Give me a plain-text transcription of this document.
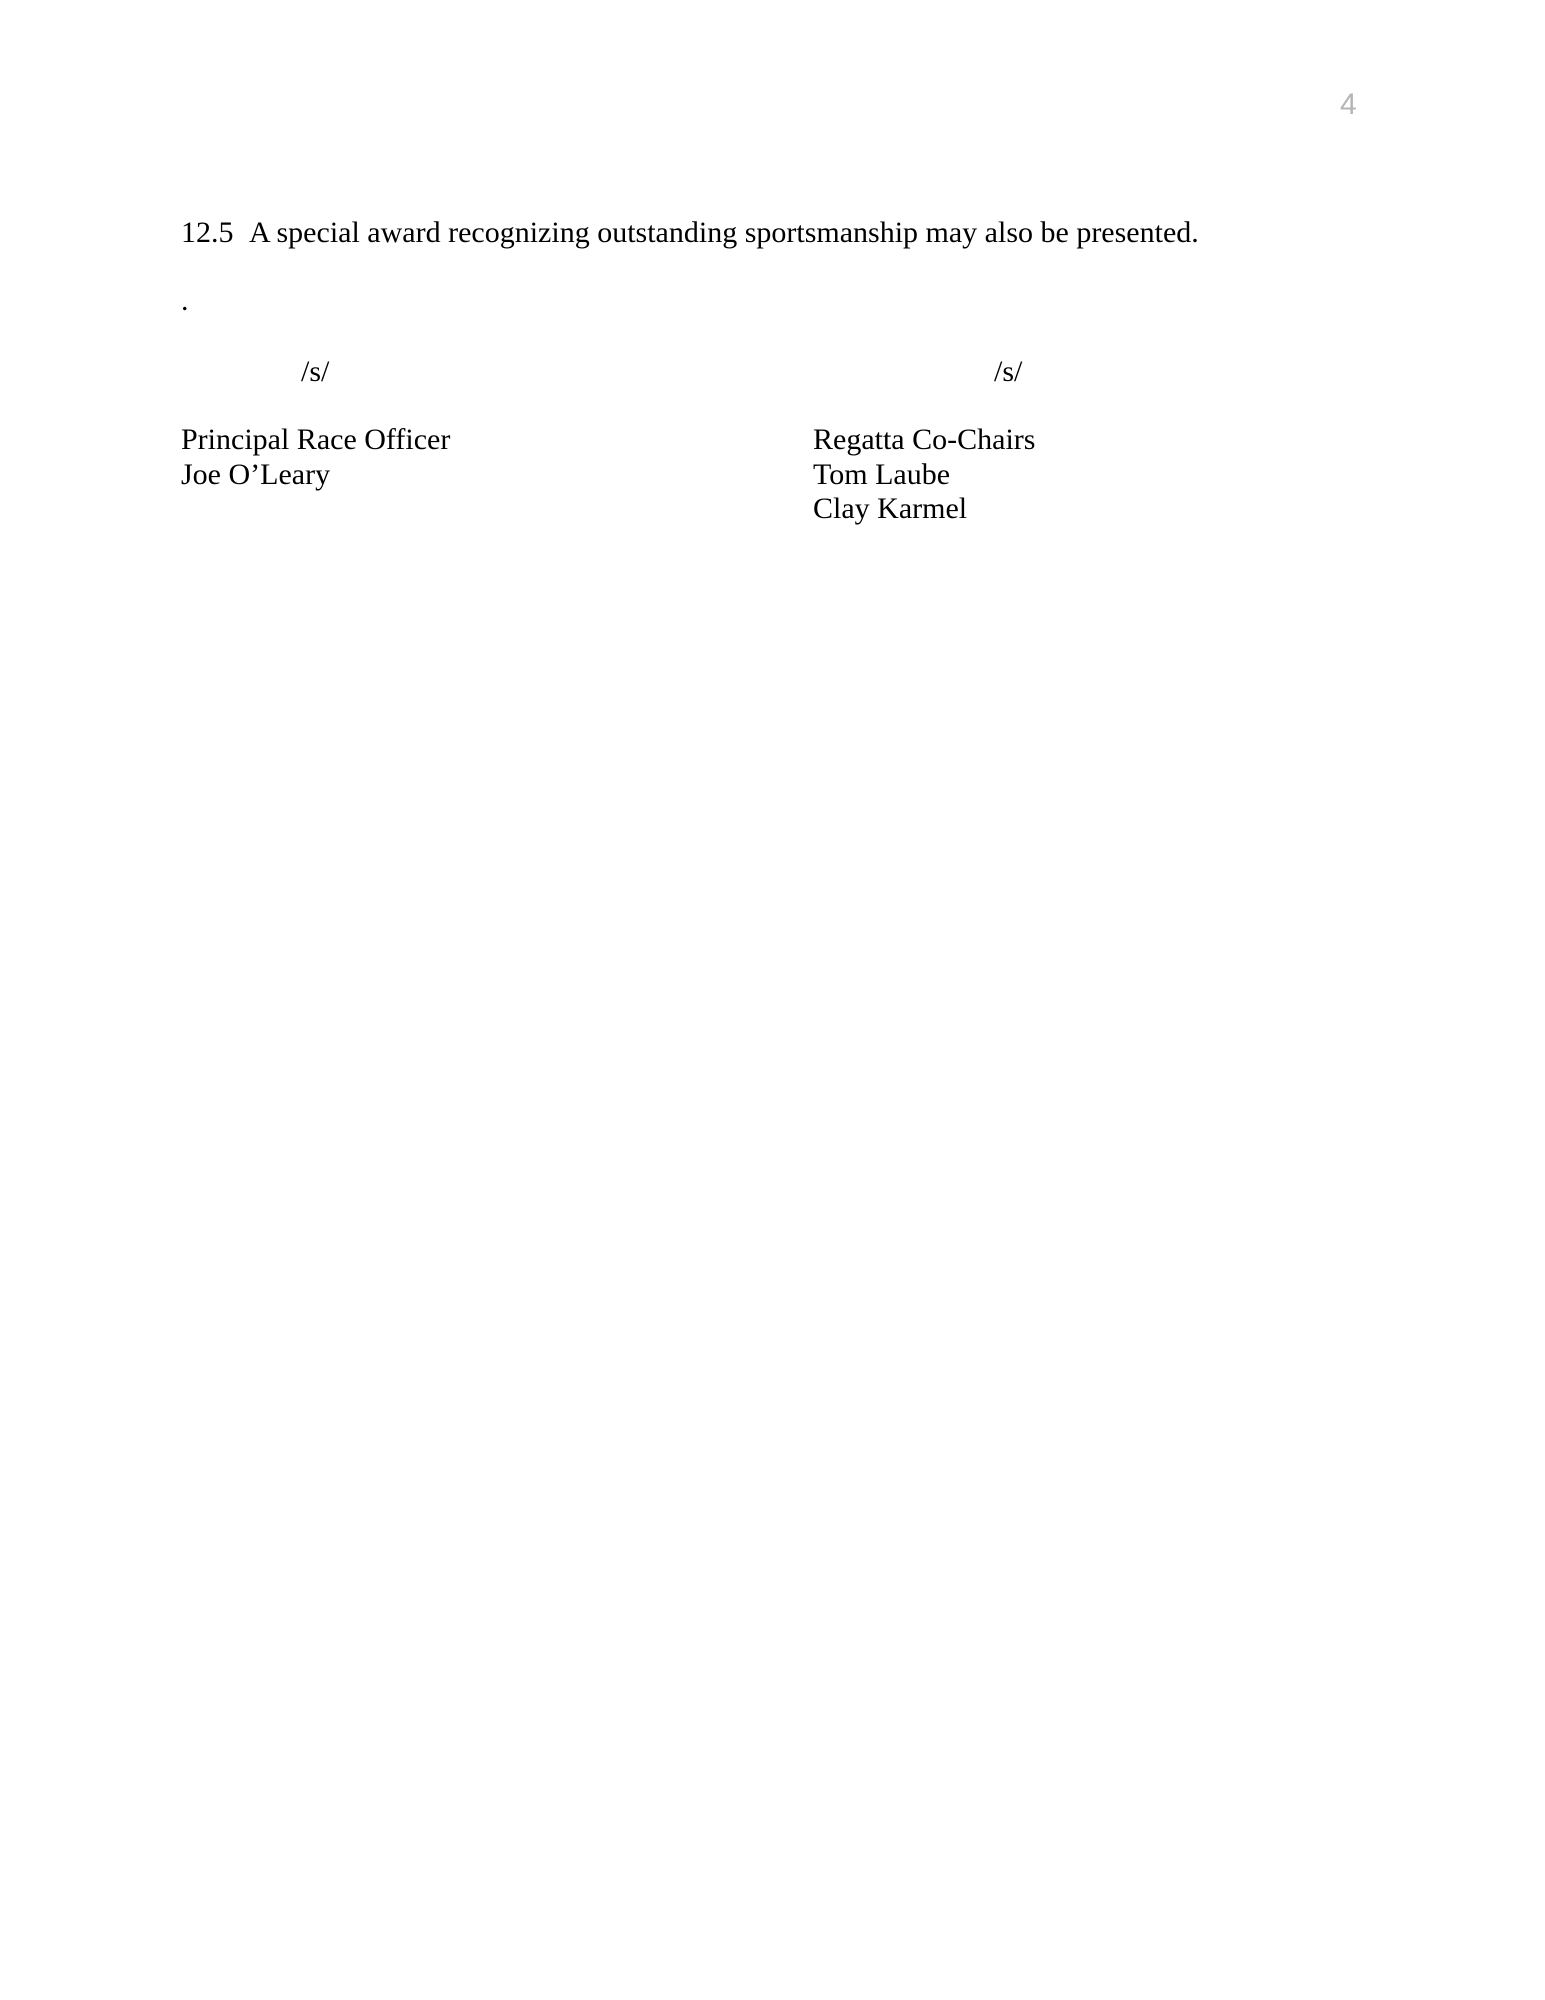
4
12.5 A special award recognizing outstanding sportsmanship may also be presented.
.
/s/	/s/
Principal Race Officer
Joe O’Leary
Regatta Co-Chairs
Tom Laube
Clay Karmel
